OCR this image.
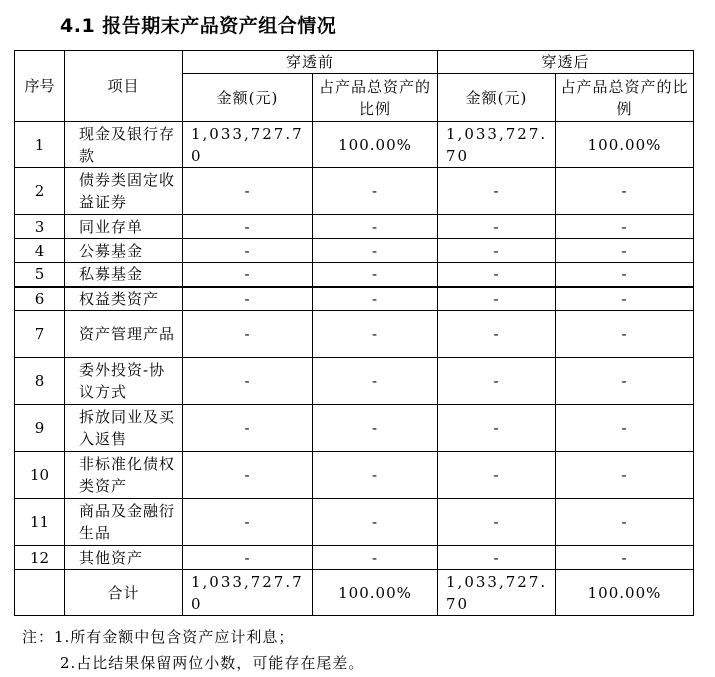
4.1 报告期末产品资产组合情况
序号	项目	穿透前		穿透后	
		金额(元)	占产品总资产的比例	金额(元)	占产品总资产的比例
1	现金及银行存款	1,033,727.70	100.00%	1,033,727.70	100.00%
2	债券类固定收益证券	-	-	-	-
3	同业存单	-	-	-	-
4	公募基金	-	-	-	-
5	私募基金	-	-	-	-
6	权益类资产	-	-	-	-
7	资产管理产品	-	-	-	-
8	委外投资-协议方式	-	-	-	-
9	拆放同业及买入返售	-	-	-	-
10	非标准化债权类资产	-	-	-	-
11	商品及金融衍生品	-	-	-	-
12	其他资产	-	-	-	-
	合计	1,033,727.70	100.00%	1,033,727.70	100.00%
注：1.所有金额中包含资产应计利息；
2.占比结果保留两位小数，可能存在尾差。
